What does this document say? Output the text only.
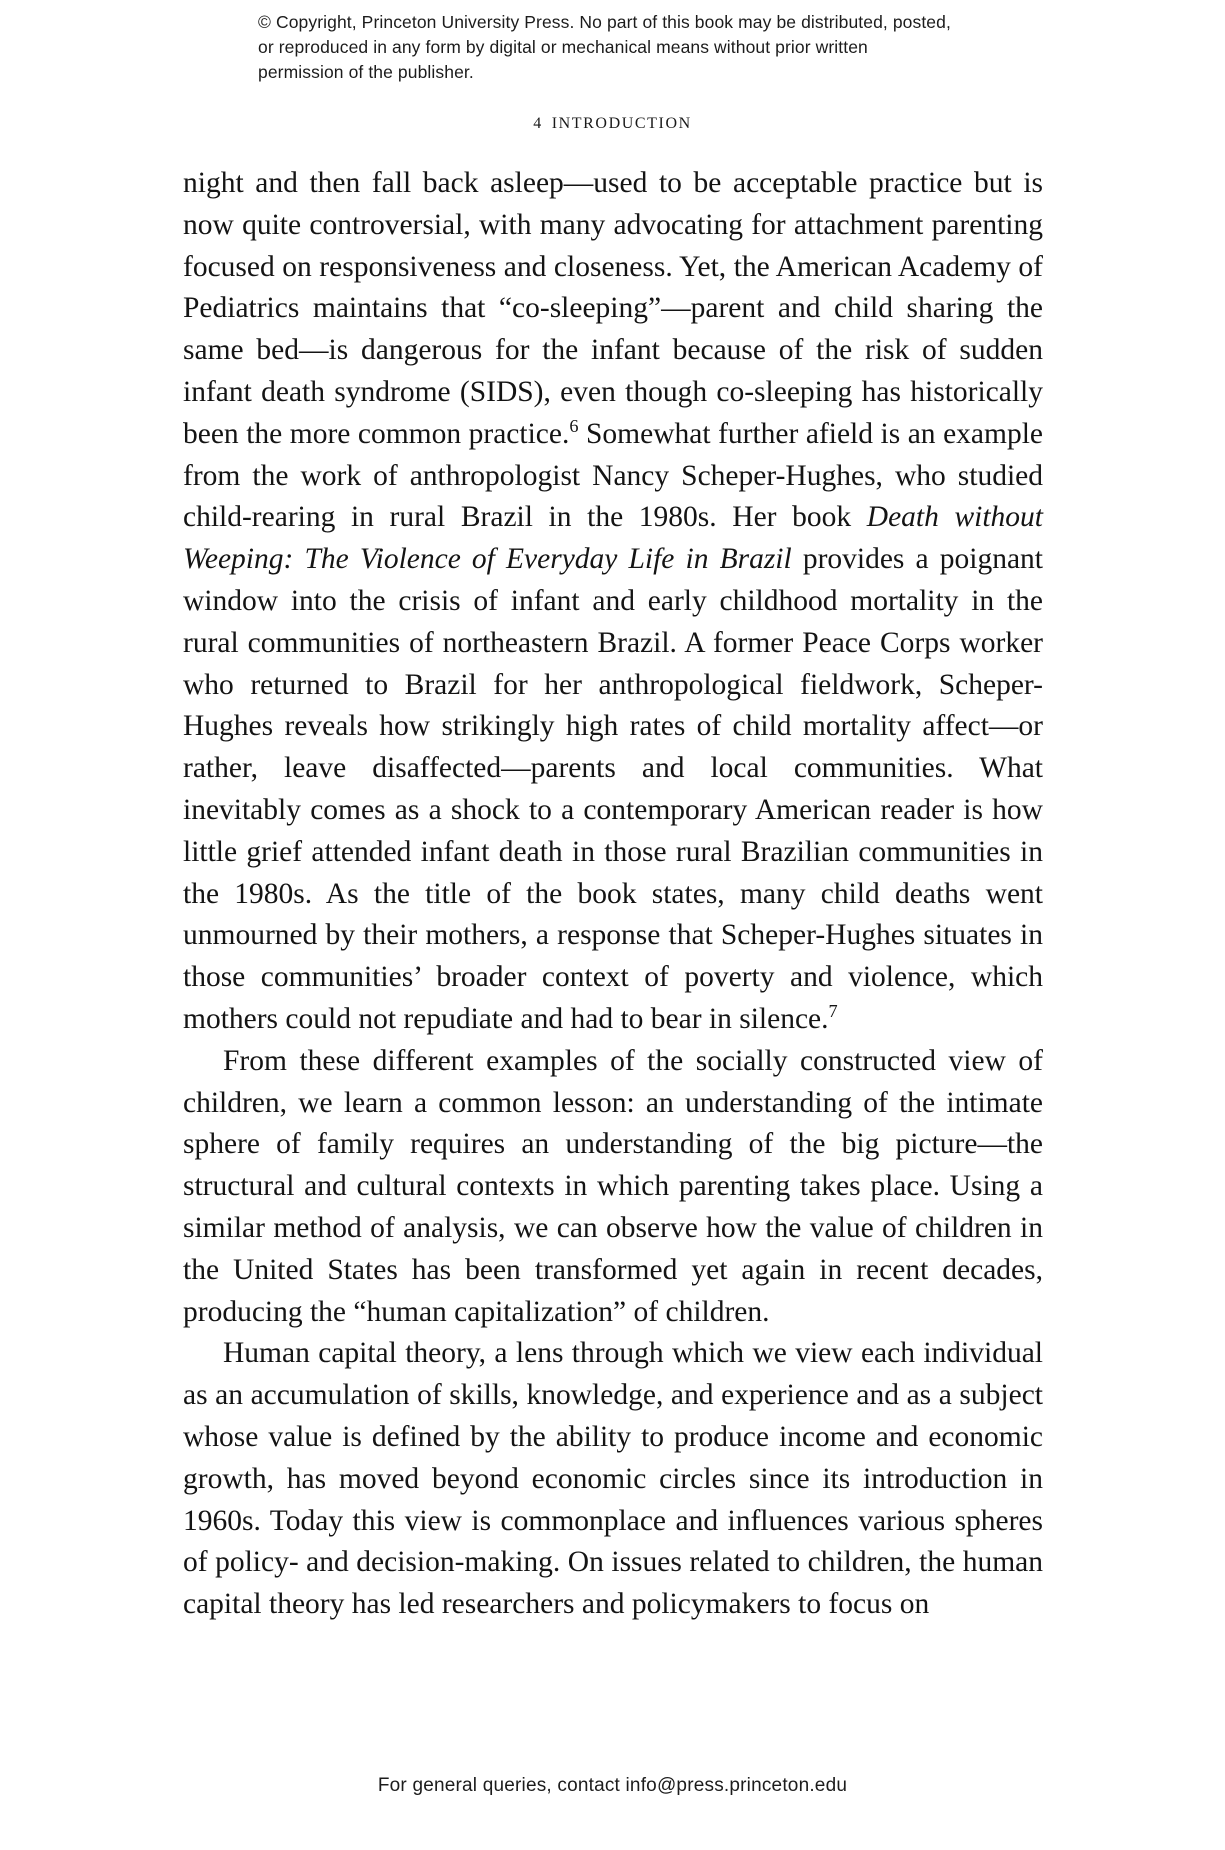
© Copyright, Princeton University Press. No part of this book may be distributed, posted, or reproduced in any form by digital or mechanical means without prior written permission of the publisher.
4 INTRODUCTION

night and then fall back asleep—used to be acceptable practice but is now quite controversial, with many advocating for attachment parenting focused on responsiveness and closeness. Yet, the American Academy of Pediatrics maintains that “co-sleeping”—parent and child sharing the same bed—is dangerous for the infant because of the risk of sudden infant death syndrome (SIDS), even though co-sleeping has historically been the more common practice.$^6$ Somewhat further afield is an example from the work of anthropologist Nancy Scheper-Hughes, who studied child-rearing in rural Brazil in the 1980s. Her book Death without Weeping: The Violence of Everyday Life in Brazil provides a poignant window into the crisis of infant and early childhood mortality in the rural communities of northeastern Brazil. A former Peace Corps worker who returned to Brazil for her anthropological fieldwork, Scheper-Hughes reveals how strikingly high rates of child mortality affect—or rather, leave disaffected—parents and local communities. What inevitably comes as a shock to a contemporary American reader is how little grief attended infant death in those rural Brazilian communities in the 1980s. As the title of the book states, many child deaths went unmourned by their mothers, a response that Scheper-Hughes situates in those communities’ broader context of poverty and violence, which mothers could not repudiate and had to bear in silence.$^7$

From these different examples of the socially constructed view of children, we learn a common lesson: an understanding of the intimate sphere of family requires an understanding of the big picture—the structural and cultural contexts in which parenting takes place. Using a similar method of analysis, we can observe how the value of children in the United States has been transformed yet again in recent decades, producing the “human capitalization” of children.

Human capital theory, a lens through which we view each individual as an accumulation of skills, knowledge, and experience and as a subject whose value is defined by the ability to produce income and economic growth, has moved beyond economic circles since its introduction in 1960s. Today this view is commonplace and influences various spheres of policy- and decision-making. On issues related to children, the human capital theory has led researchers and policymakers to focus on

For general queries, contact info@press.princeton.edu
